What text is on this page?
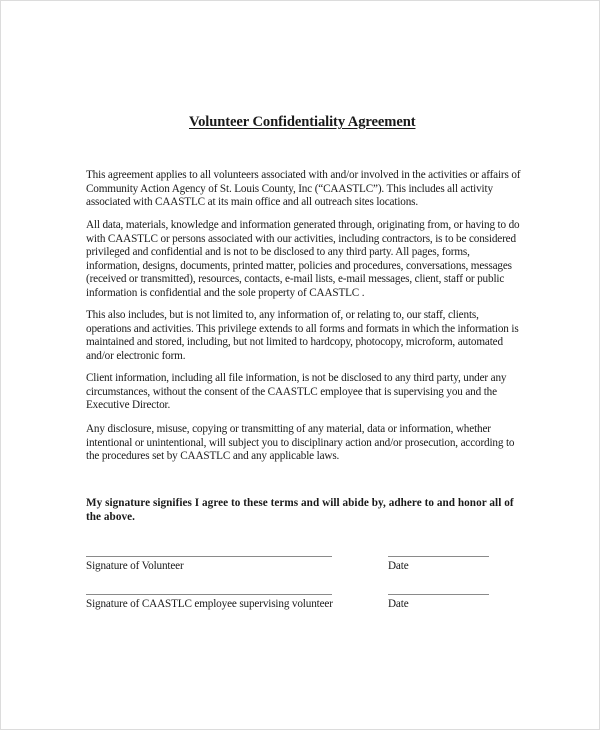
Volunteer Confidentiality Agreement

This agreement applies to all volunteers associated with and/or involved in the activities or affairs of Community Action Agency of St. Louis County, Inc (“CAASTLC”). This includes all activity associated with CAASTLC at its main office and all outreach sites locations.

All data, materials, knowledge and information generated through, originating from, or having to do with CAASTLC or persons associated with our activities, including contractors, is to be considered privileged and confidential and is not to be disclosed to any third party. All pages, forms, information, designs, documents, printed matter, policies and procedures, conversations, messages (received or transmitted), resources, contacts, e-mail lists, e-mail messages, client, staff or public information is confidential and the sole property of CAASTLC .

This also includes, but is not limited to, any information of, or relating to, our staff, clients, operations and activities. This privilege extends to all forms and formats in which the information is maintained and stored, including, but not limited to hardcopy, photocopy, microform, automated and/or electronic form.

Client information, including all file information, is not be disclosed to any third party, under any circumstances, without the consent of the CAASTLC employee that is supervising you and the Executive Director.

Any disclosure, misuse, copying or transmitting of any material, data or information, whether intentional or unintentional, will subject you to disciplinary action and/or prosecution, according to the procedures set by CAASTLC and any applicable laws.

My signature signifies I agree to these terms and will abide by, adhere to and honor all of the above.

Signature of Volunteer	Date
Signature of CAASTLC employee supervising volunteer	Date
